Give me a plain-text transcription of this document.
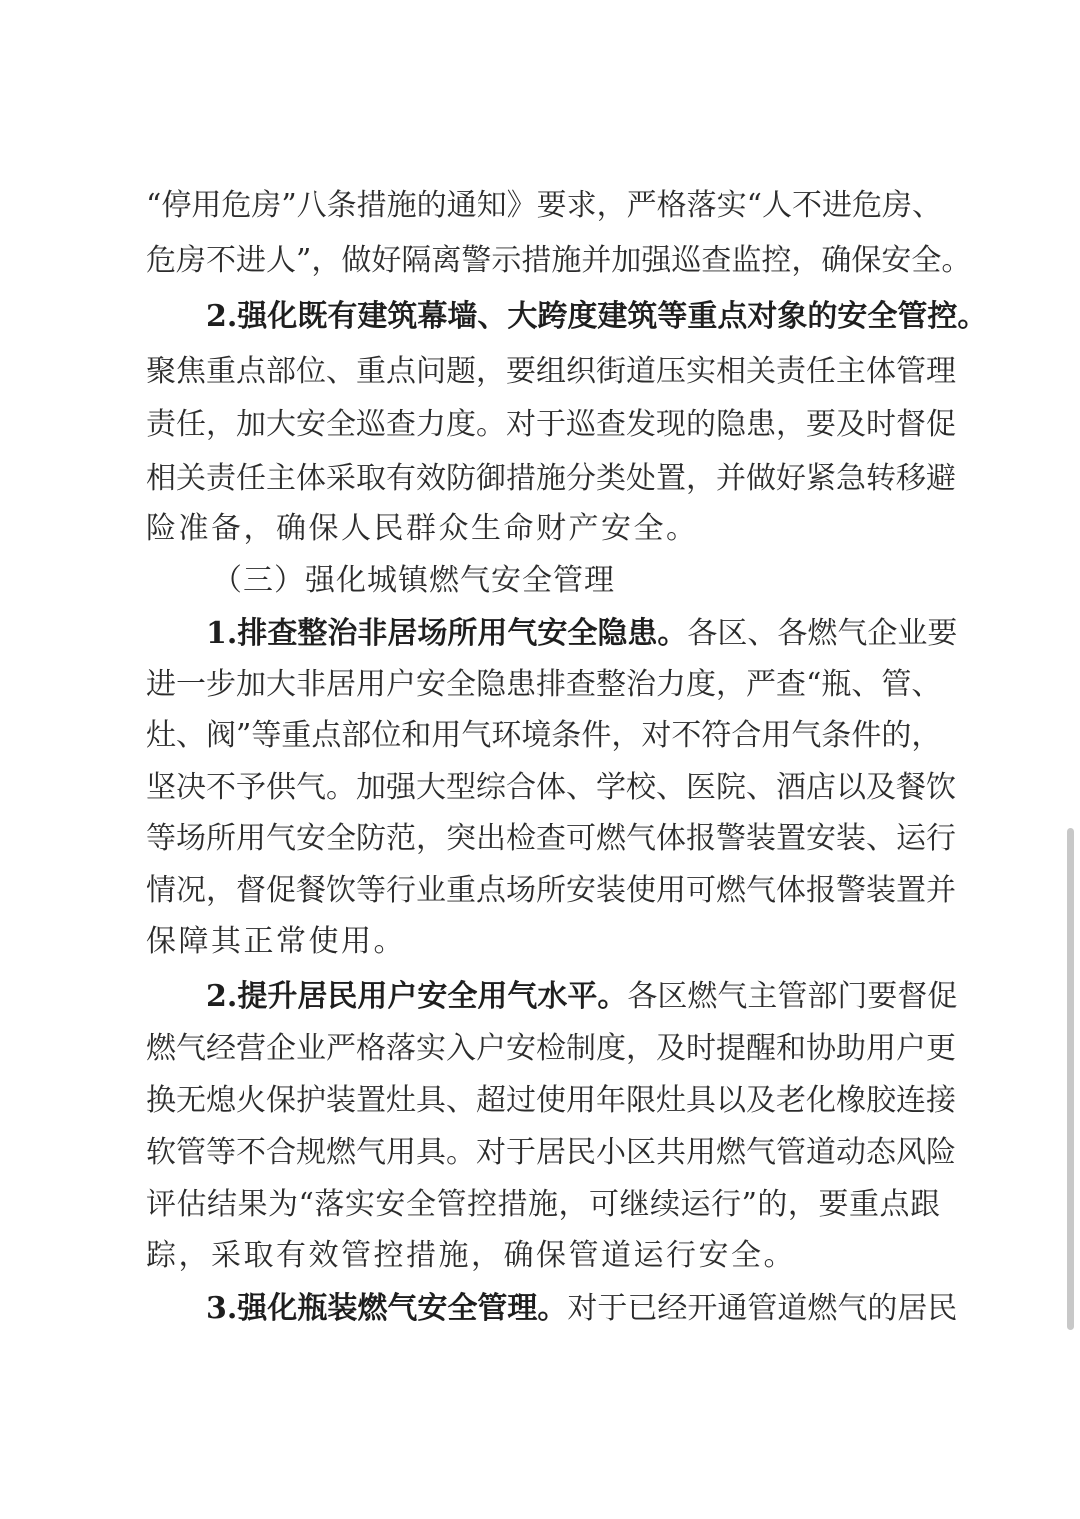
“停用危房”八条措施的通知》要求，严格落实“人不进危房、
危房不进人”，做好隔离警示措施并加强巡查监控，确保安全。
2.强化既有建筑幕墙、大跨度建筑等重点对象的安全管控。
聚焦重点部位、重点问题，要组织街道压实相关责任主体管理
责任，加大安全巡查力度。对于巡查发现的隐患，要及时督促
相关责任主体采取有效防御措施分类处置，并做好紧急转移避
险准备，确保人民群众生命财产安全。
（三）强化城镇燃气安全管理
1.排查整治非居场所用气安全隐患。各区、各燃气企业要
进一步加大非居用户安全隐患排查整治力度，严查“瓶、管、
灶、阀”等重点部位和用气环境条件，对不符合用气条件的，
坚决不予供气。加强大型综合体、学校、医院、酒店以及餐饮
等场所用气安全防范，突出检查可燃气体报警装置安装、运行
情况，督促餐饮等行业重点场所安装使用可燃气体报警装置并
保障其正常使用。
2.提升居民用户安全用气水平。各区燃气主管部门要督促
燃气经营企业严格落实入户安检制度，及时提醒和协助用户更
换无熄火保护装置灶具、超过使用年限灶具以及老化橡胶连接
软管等不合规燃气用具。对于居民小区共用燃气管道动态风险
评估结果为“落实安全管控措施，可继续运行”的，要重点跟
踪，采取有效管控措施，确保管道运行安全。
3.强化瓶装燃气安全管理。对于已经开通管道燃气的居民
